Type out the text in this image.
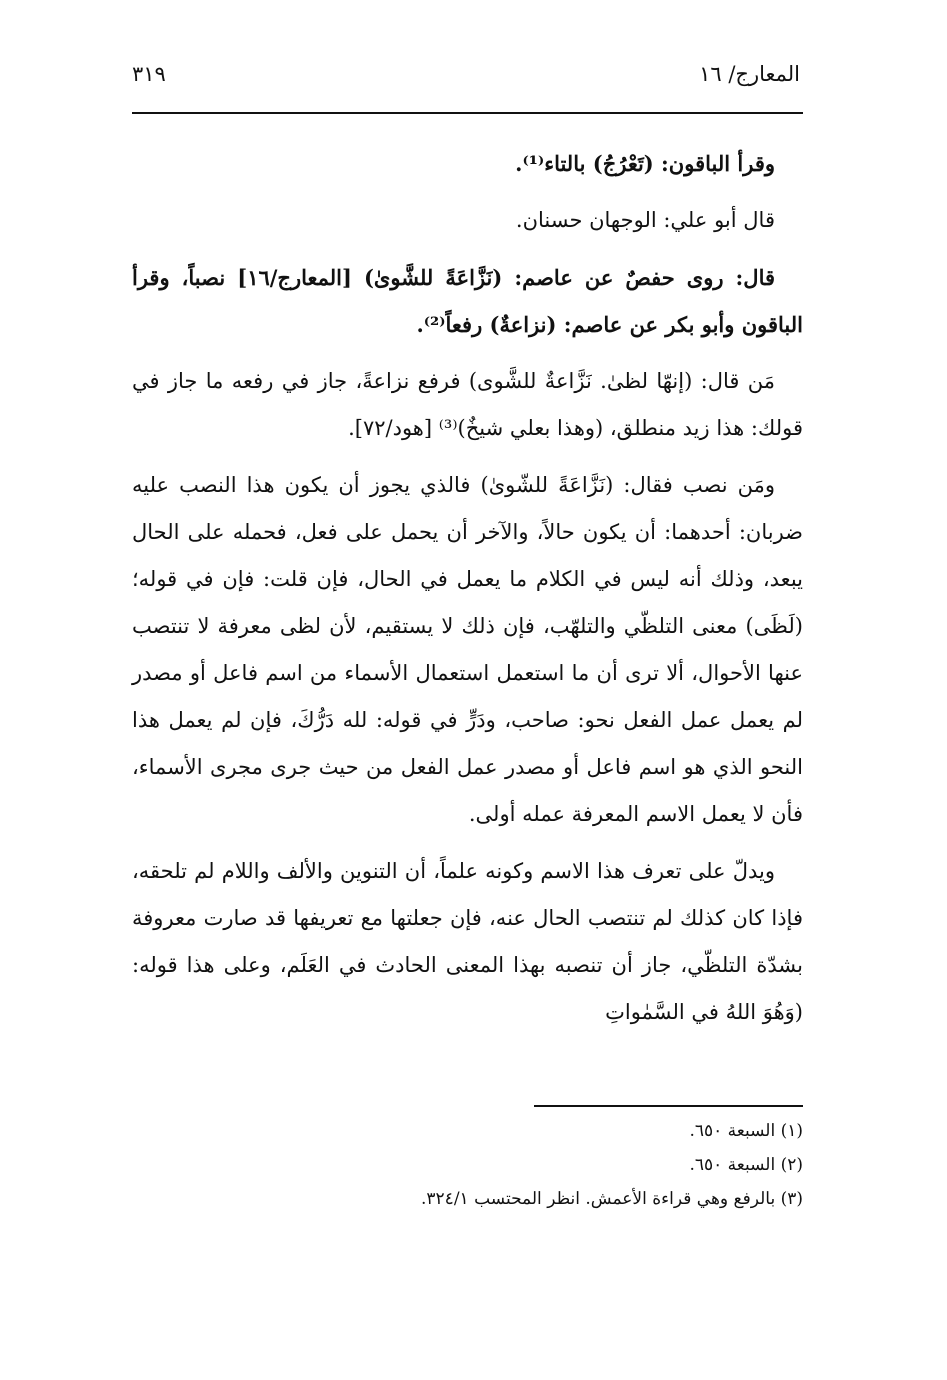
المعارج/ ١٦
٣١٩

وقرأ الباقون: (تَعْرُجُ) بالتاء⁽¹⁾.

قال أبو علي: الوجهان حسنان.

قال: روى حفصٌ عن عاصم: (نَزَّاعَةً للشَّوىٰ) [المعارج/١٦] نصباً، وقرأ الباقون وأبو بكر عن عاصم: (نزاعةٌ) رفعاً⁽²⁾.

مَن قال: (إنهّا لظىٰ. نَزَّاعةٌ للشَّوى) فرفع نزاعةً، جاز في رفعه ما جاز في قولك: هذا زيد منطلق، (وهذا بعلي شيخٌ)⁽³⁾ [هود/٧٢].

ومَن نصب فقال: (نَزَّاعَةً للشّوىٰ) فالذي يجوز أن يكون هذا النصب عليه ضربان: أحدهما: أن يكون حالاً، والآخر أن يحمل على فعل، فحمله على الحال يبعد، وذلك أنه ليس في الكلام ما يعمل في الحال، فإن قلت: فإن في قوله؛ (لَظَى) معنى التلظّي والتلهّب، فإن ذلك لا يستقيم، لأن لظى معرفة لا تنتصب عنها الأحوال، ألا ترى أن ما استعمل استعمال الأسماء من اسم فاعل أو مصدر لم يعمل عمل الفعل نحو: صاحب، ودَرٍّ في قوله: لله دَرُّكَ، فإن لم يعمل هذا النحو الذي هو اسم فاعل أو مصدر عمل الفعل من حيث جرى مجرى الأسماء، فأن لا يعمل الاسم المعرفة عمله أولى.

ويدلّ على تعرف هذا الاسم وكونه علماً، أن التنوين والألف واللام لم تلحقه، فإذا كان كذلك لم تنتصب الحال عنه، فإن جعلتها مع تعريفها قد صارت معروفة بشدّة التلظّي، جاز أن تنصبه بهذا المعنى الحادث في العَلَم، وعلى هذا قوله: (وَهُوَ اللهُ في السَّمٰواتِ

(١) السبعة ٦٥٠.
(٢) السبعة ٦٥٠.
(٣) بالرفع وهي قراءة الأعمش. انظر المحتسب ٣٢٤/١.
